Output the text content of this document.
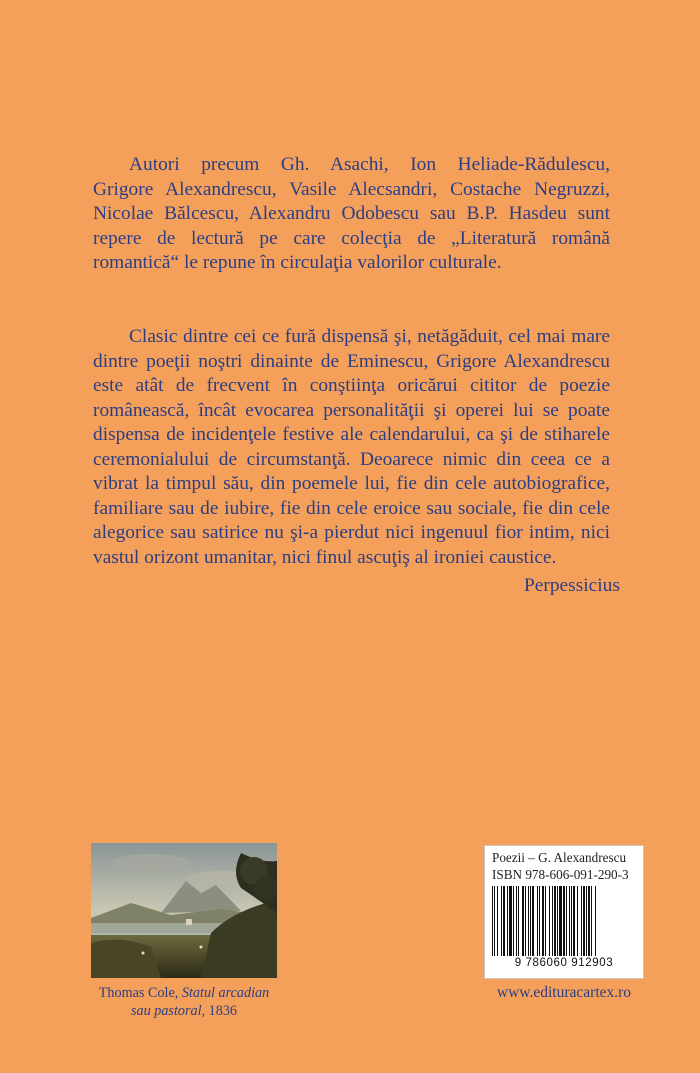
Autori precum Gh. Asachi, Ion Heliade-Rădulescu,
Grigore Alexandrescu, Vasile Alecsandri, Costache Negruzzi,
Nicolae Bălcescu, Alexandru Odobescu sau B.P. Hasdeu sunt
repere de lectură pe care colecţia de „Literatură română
romantică“ le repune în circulaţia valorilor culturale.
Clasic dintre cei ce fură dispensă şi, netăgăduit, cel mai mare
dintre poeţii noştri dinainte de Eminescu, Grigore Alexandrescu
este atât de frecvent în conştiinţa oricărui cititor de poezie
românească, încât evocarea personalităţii şi operei lui se poate
dispensa de incidenţele festive ale calendarului, ca şi de stiharele
ceremonialului de circumstanţă. Deoarece nimic din ceea ce a
vibrat la timpul său, din poemele lui, fie din cele autobiografice,
familiare sau de iubire, fie din cele eroice sau sociale, fie din cele
alegorice sau satirice nu şi-a pierdut nici ingenuul fior intim, nici
vastul orizont umanitar, nici finul ascuţiş al ironiei caustice.

Perpessicius

Thomas Cole, Statul arcadian
sau pastoral, 1836

Poezii – G. Alexandrescu
ISBN 978-606-091-290-3
9 786060 912903

www.edituracartex.ro
